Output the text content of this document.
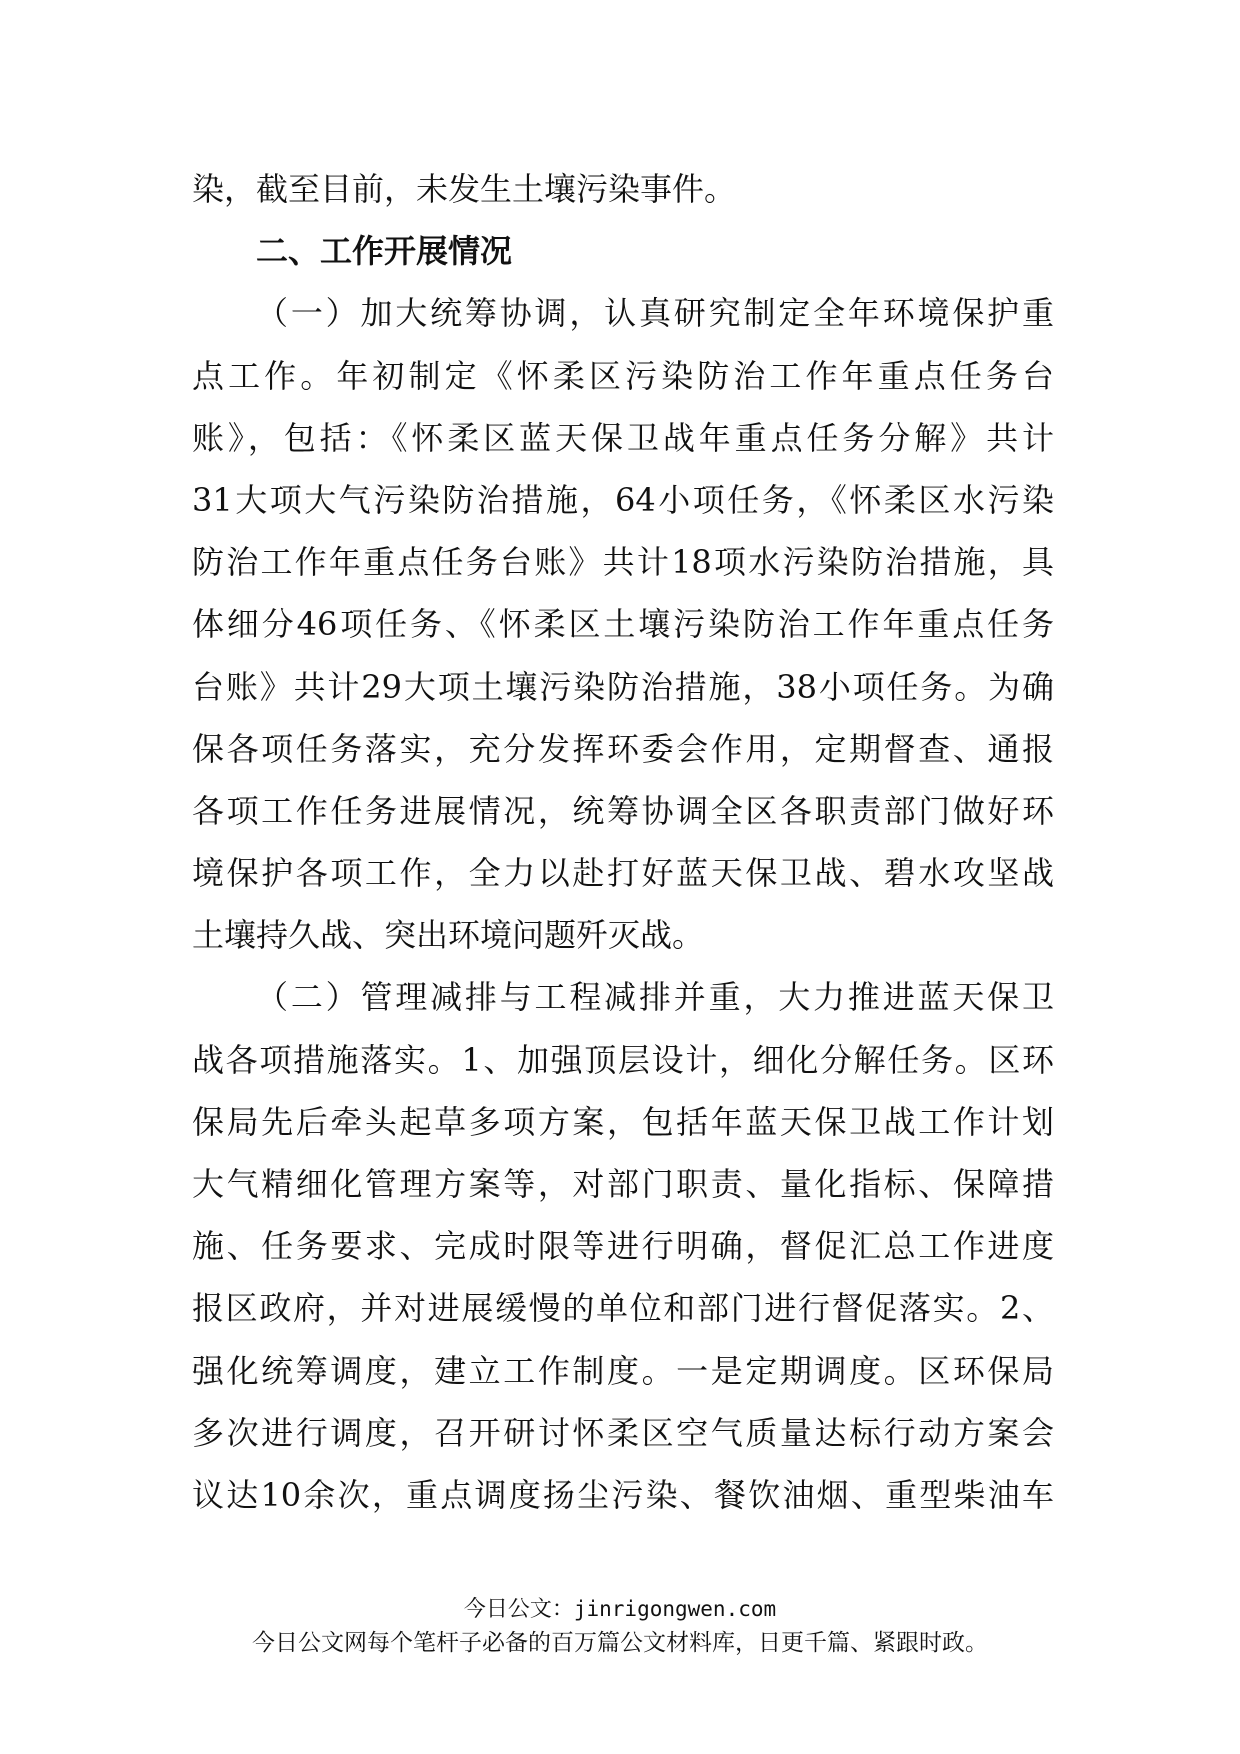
染，截至目前，未发生土壤污染事件。
二、工作开展情况
（一）加大统筹协调，认真研究制定全年环境保护重
点工作。年初制定《怀柔区污染防治工作年重点任务台
账》，包括：《怀柔区蓝天保卫战年重点任务分解》共计
31大项大气污染防治措施，64小项任务，《怀柔区水污染
防治工作年重点任务台账》共计18项水污染防治措施，具
体细分46项任务、《怀柔区土壤污染防治工作年重点任务
台账》共计29大项土壤污染防治措施，38小项任务。为确
保各项任务落实，充分发挥环委会作用，定期督查、通报
各项工作任务进展情况，统筹协调全区各职责部门做好环
境保护各项工作，全力以赴打好蓝天保卫战、碧水攻坚战
土壤持久战、突出环境问题歼灭战。
（二）管理减排与工程减排并重，大力推进蓝天保卫
战各项措施落实。1、加强顶层设计，细化分解任务。区环
保局先后牵头起草多项方案，包括年蓝天保卫战工作计划
大气精细化管理方案等，对部门职责、量化指标、保障措
施、任务要求、完成时限等进行明确，督促汇总工作进度
报区政府，并对进展缓慢的单位和部门进行督促落实。2、
强化统筹调度，建立工作制度。一是定期调度。区环保局
多次进行调度，召开研讨怀柔区空气质量达标行动方案会
议达10余次，重点调度扬尘污染、餐饮油烟、重型柴油车
今日公文：jinrigongwen.com
今日公文网每个笔杆子必备的百万篇公文材料库，日更千篇、紧跟时政。
